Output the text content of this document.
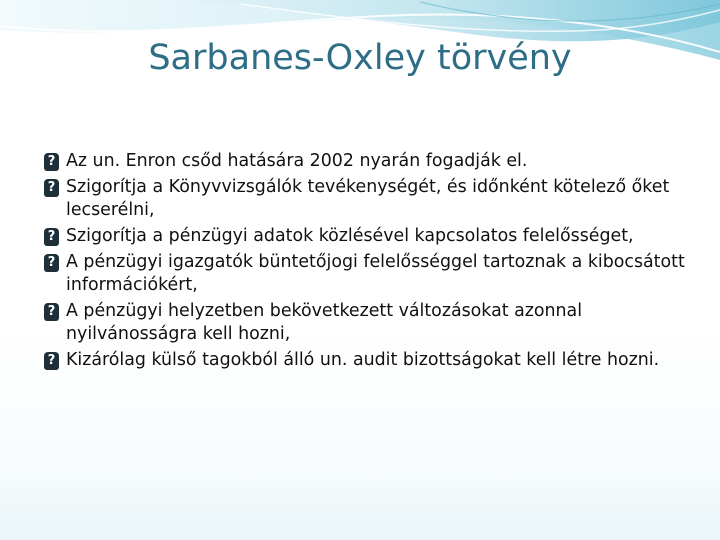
Sarbanes-Oxley törvény
? Az un. Enron csőd hatására 2002 nyarán fogadják el.
? Szigorítja a Könyvvizsgálók tevékenységét, és időnként kötelező őket lecserélni,
? Szigorítja a pénzügyi adatok közlésével kapcsolatos felelősséget,
? A pénzügyi igazgatók büntetőjogi felelősséggel tartoznak a kibocsátott információkért,
? A pénzügyi helyzetben bekövetkezett változásokat azonnal nyilvánosságra kell hozni,
? Kizárólag külső tagokból álló un. audit bizottságokat kell létre hozni.
